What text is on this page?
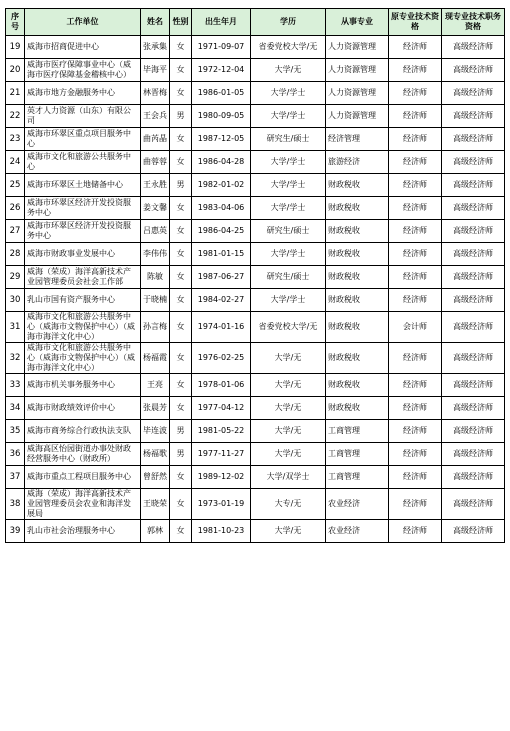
序号	工作单位	姓名	性别	出生年月	学历	从事专业	原专业技术资格	现专业技术职务资格
19	威海市招商促进中心	张承集	女	1971-09-07	省委党校大学/无	人力资源管理	经济师	高级经济师
20	威海市医疗保障事业中心（威海市医疗保障基金稽核中心）	毕海平	女	1972-12-04	大学/无	人力资源管理	经济师	高级经济师
21	威海市地方金融服务中心	林晋梅	女	1986-01-05	大学/学士	人力资源管理	经济师	高级经济师
22	英才人力资源（山东）有限公司	王会兵	男	1980-09-05	大学/学士	人力资源管理	经济师	高级经济师
23	威海市环翠区重点项目服务中心	曲芮晶	女	1987-12-05	研究生/硕士	经济管理	经济师	高级经济师
24	威海市文化和旅游公共服务中心	曲蓉蓉	女	1986-04-28	大学/学士	旅游经济	经济师	高级经济师
25	威海市环翠区土地储备中心	王永胜	男	1982-01-02	大学/学士	财政税收	经济师	高级经济师
26	威海市环翠区经济开发投资服务中心	姜文馨	女	1983-04-06	大学/学士	财政税收	经济师	高级经济师
27	威海市环翠区经济开发投资服务中心	吕惠英	女	1986-04-25	研究生/硕士	财政税收	经济师	高级经济师
28	威海市财政事业发展中心	李伟伟	女	1981-01-15	大学/学士	财政税收	经济师	高级经济师
29	威海（荣成）海洋高新技术产业园管理委员会社会工作部	陈敏	女	1987-06-27	研究生/硕士	财政税收	经济师	高级经济师
30	乳山市国有资产服务中心	于晓楠	女	1984-02-27	大学/学士	财政税收	经济师	高级经济师
31	威海市文化和旅游公共服务中心（威海市文物保护中心）（威海市海洋文化中心）	孙言梅	女	1974-01-16	省委党校大学/无	财政税收	会计师	高级经济师
32	威海市文化和旅游公共服务中心（威海市文物保护中心）（威海市海洋文化中心）	杨福霞	女	1976-02-25	大学/无	财政税收	经济师	高级经济师
33	威海市机关事务服务中心	王亮	女	1978-01-06	大学/无	财政税收	经济师	高级经济师
34	威海市财政绩效评价中心	张晨芳	女	1977-04-12	大学/无	财政税收	经济师	高级经济师
35	威海市商务综合行政执法支队	毕连波	男	1981-05-22	大学/无	工商管理	经济师	高级经济师
36	威海高区怡园街道办事处财政经营服务中心（财政所）	杨福歌	男	1977-11-27	大学/无	工商管理	经济师	高级经济师
37	威海市重点工程项目服务中心	曾舒然	女	1989-12-02	大学/双学士	工商管理	经济师	高级经济师
38	威海（荣成）海洋高新技术产业园管理委员会农业和海洋发展局	王晓荣	女	1973-01-19	大专/无	农业经济	经济师	高级经济师
39	乳山市社会治理服务中心	郭林	女	1981-10-23	大学/无	农业经济	经济师	高级经济师
